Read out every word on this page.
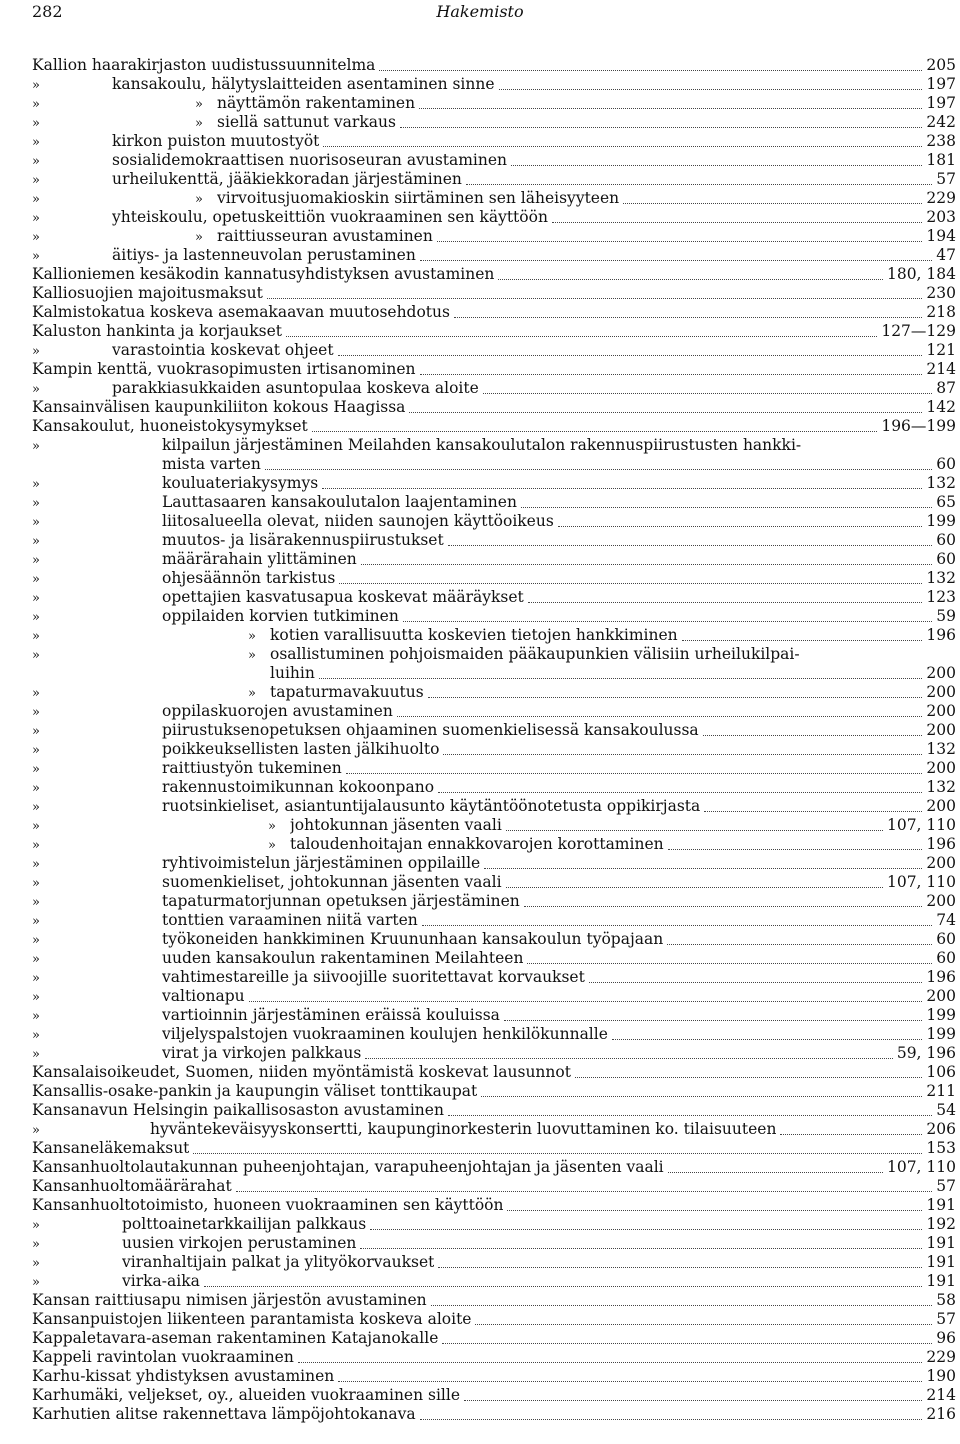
282	Hakemisto
Kallion haarakirjaston uudistussuunnitelma	205
»	kansakoulu, hälytyslaitteiden asentaminen sinne	197
»	» näyttämön rakentaminen	197
»	» siellä sattunut varkaus	242
»	kirkon puiston muutostyöt	238
»	sosialidemokraattisen nuorisoseuran avustaminen	181
»	urheilukenttä, jääkiekkoradan järjestäminen	57
»	» virvoitusjuomakioskin siirtäminen sen läheisyyteen	229
»	yhteiskoulu, opetuskeittiön vuokraaminen sen käyttöön	203
»	» raittiusseuran avustaminen	194
»	äitiys- ja lastenneuvolan perustaminen	47
Kallioniemen kesäkodin kannatusyhdistyksen avustaminen	180, 184
Kalliosuojien majoitusmaksut	230
Kalmistokatua koskeva asemakaavan muutosehdotus	218
Kaluston hankinta ja korjaukset	127—129
»	varastointia koskevat ohjeet	121
Kampin kenttä, vuokrasopimusten irtisanominen	214
»	parakkiasukkaiden asuntopulaa koskeva aloite	87
Kansainvälisen kaupunkiliiton kokous Haagissa	142
Kansakoulut, huoneistokysymykset	196—199
»	kilpailun järjestäminen Meilahden kansakoulutalon rakennuspiirustusten hankki-
mista varten	60
»	kouluateriakysymys	132
»	Lauttasaaren kansakoulutalon laajentaminen	65
»	liitosalueella olevat, niiden saunojen käyttöoikeus	199
»	muutos- ja lisärakennuspiirustukset	60
»	määrärahain ylittäminen	60
»	ohjesäännön tarkistus	132
»	opettajien kasvatusapua koskevat määräykset	123
»	oppilaiden korvien tutkiminen	59
»	» kotien varallisuutta koskevien tietojen hankkiminen	196
»	» osallistuminen pohjoismaiden pääkaupunkien välisiin urheilukilpai-
luihin	200
»	» tapaturmavakuutus	200
»	oppilaskuorojen avustaminen	200
»	piirustuksenopetuksen ohjaaminen suomenkielisessä kansakoulussa	200
»	poikkeuksellisten lasten jälkihuolto	132
»	raittiustyön tukeminen	200
»	rakennustoimikunnan kokoonpano	132
»	ruotsinkieliset, asiantuntijalausunto käytäntöönotetusta oppikirjasta	200
»	» johtokunnan jäsenten vaali	107, 110
»	» taloudenhoitajan ennakkovarojen korottaminen	196
»	ryhtivoimistelun järjestäminen oppilaille	200
»	suomenkieliset, johtokunnan jäsenten vaali	107, 110
»	tapaturmatorjunnan opetuksen järjestäminen	200
»	tonttien varaaminen niitä varten	74
»	työkoneiden hankkiminen Kruununhaan kansakoulun työpajaan	60
»	uuden kansakoulun rakentaminen Meilahteen	60
»	vahtimestareille ja siivoojille suoritettavat korvaukset	196
»	valtionapu	200
»	vartioinnin järjestäminen eräissä kouluissa	199
»	viljelyspalstojen vuokraaminen koulujen henkilökunnalle	199
»	virat ja virkojen palkkaus	59, 196
Kansalaisoikeudet, Suomen, niiden myöntämistä koskevat lausunnot	106
Kansallis-osake-pankin ja kaupungin väliset tonttikaupat	211
Kansanavun Helsingin paikallisosaston avustaminen	54
»	hyväntekeväisyyskonsertti, kaupunginorkesterin luovuttaminen ko. tilaisuuteen	206
Kansaneläkemaksut	153
Kansanhuoltolautakunnan puheenjohtajan, varapuheenjohtajan ja jäsenten vaali	107, 110
Kansanhuoltomäärärahat	57
Kansanhuoltotoimisto, huoneen vuokraaminen sen käyttöön	191
»	polttoainetarkkailijan palkkaus	192
»	uusien virkojen perustaminen	191
»	viranhaltijain palkat ja ylityökorvaukset	191
»	virka-aika	191
Kansan raittiusapu nimisen järjestön avustaminen	58
Kansanpuistojen liikenteen parantamista koskeva aloite	57
Kappaletavara-aseman rakentaminen Katajanokalle	96
Kappeli ravintolan vuokraaminen	229
Karhu-kissat yhdistyksen avustaminen	190
Karhumäki, veljekset, oy., alueiden vuokraaminen sille	214
Karhutien alitse rakennettava lämpöjohtokanava	216
